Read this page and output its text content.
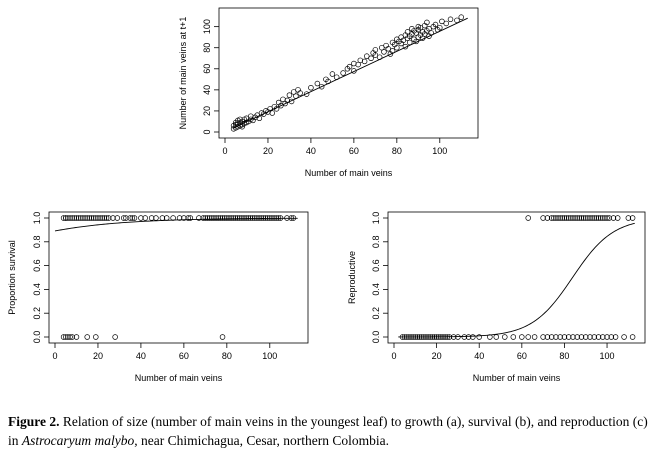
0	20	40	60	80	100
0
20
40
60
80
100
Number of main veins
Number of main veins at t+1
0	20	40	60	80	100
0.0
0.2
0.4
0.6
0.8
1.0
Number of main veins
Proportion survival
0	20	40	60	80	100
0.0
0.2
0.4
0.6
0.8
1.0
Number of main veins
Reproductive

Figure 2. Relation of size (number of main veins in the youngest leaf) to growth (a), survival (b), and reproduction (c) in Astrocaryum malybo, near Chimichagua, Cesar, northern Colombia.
